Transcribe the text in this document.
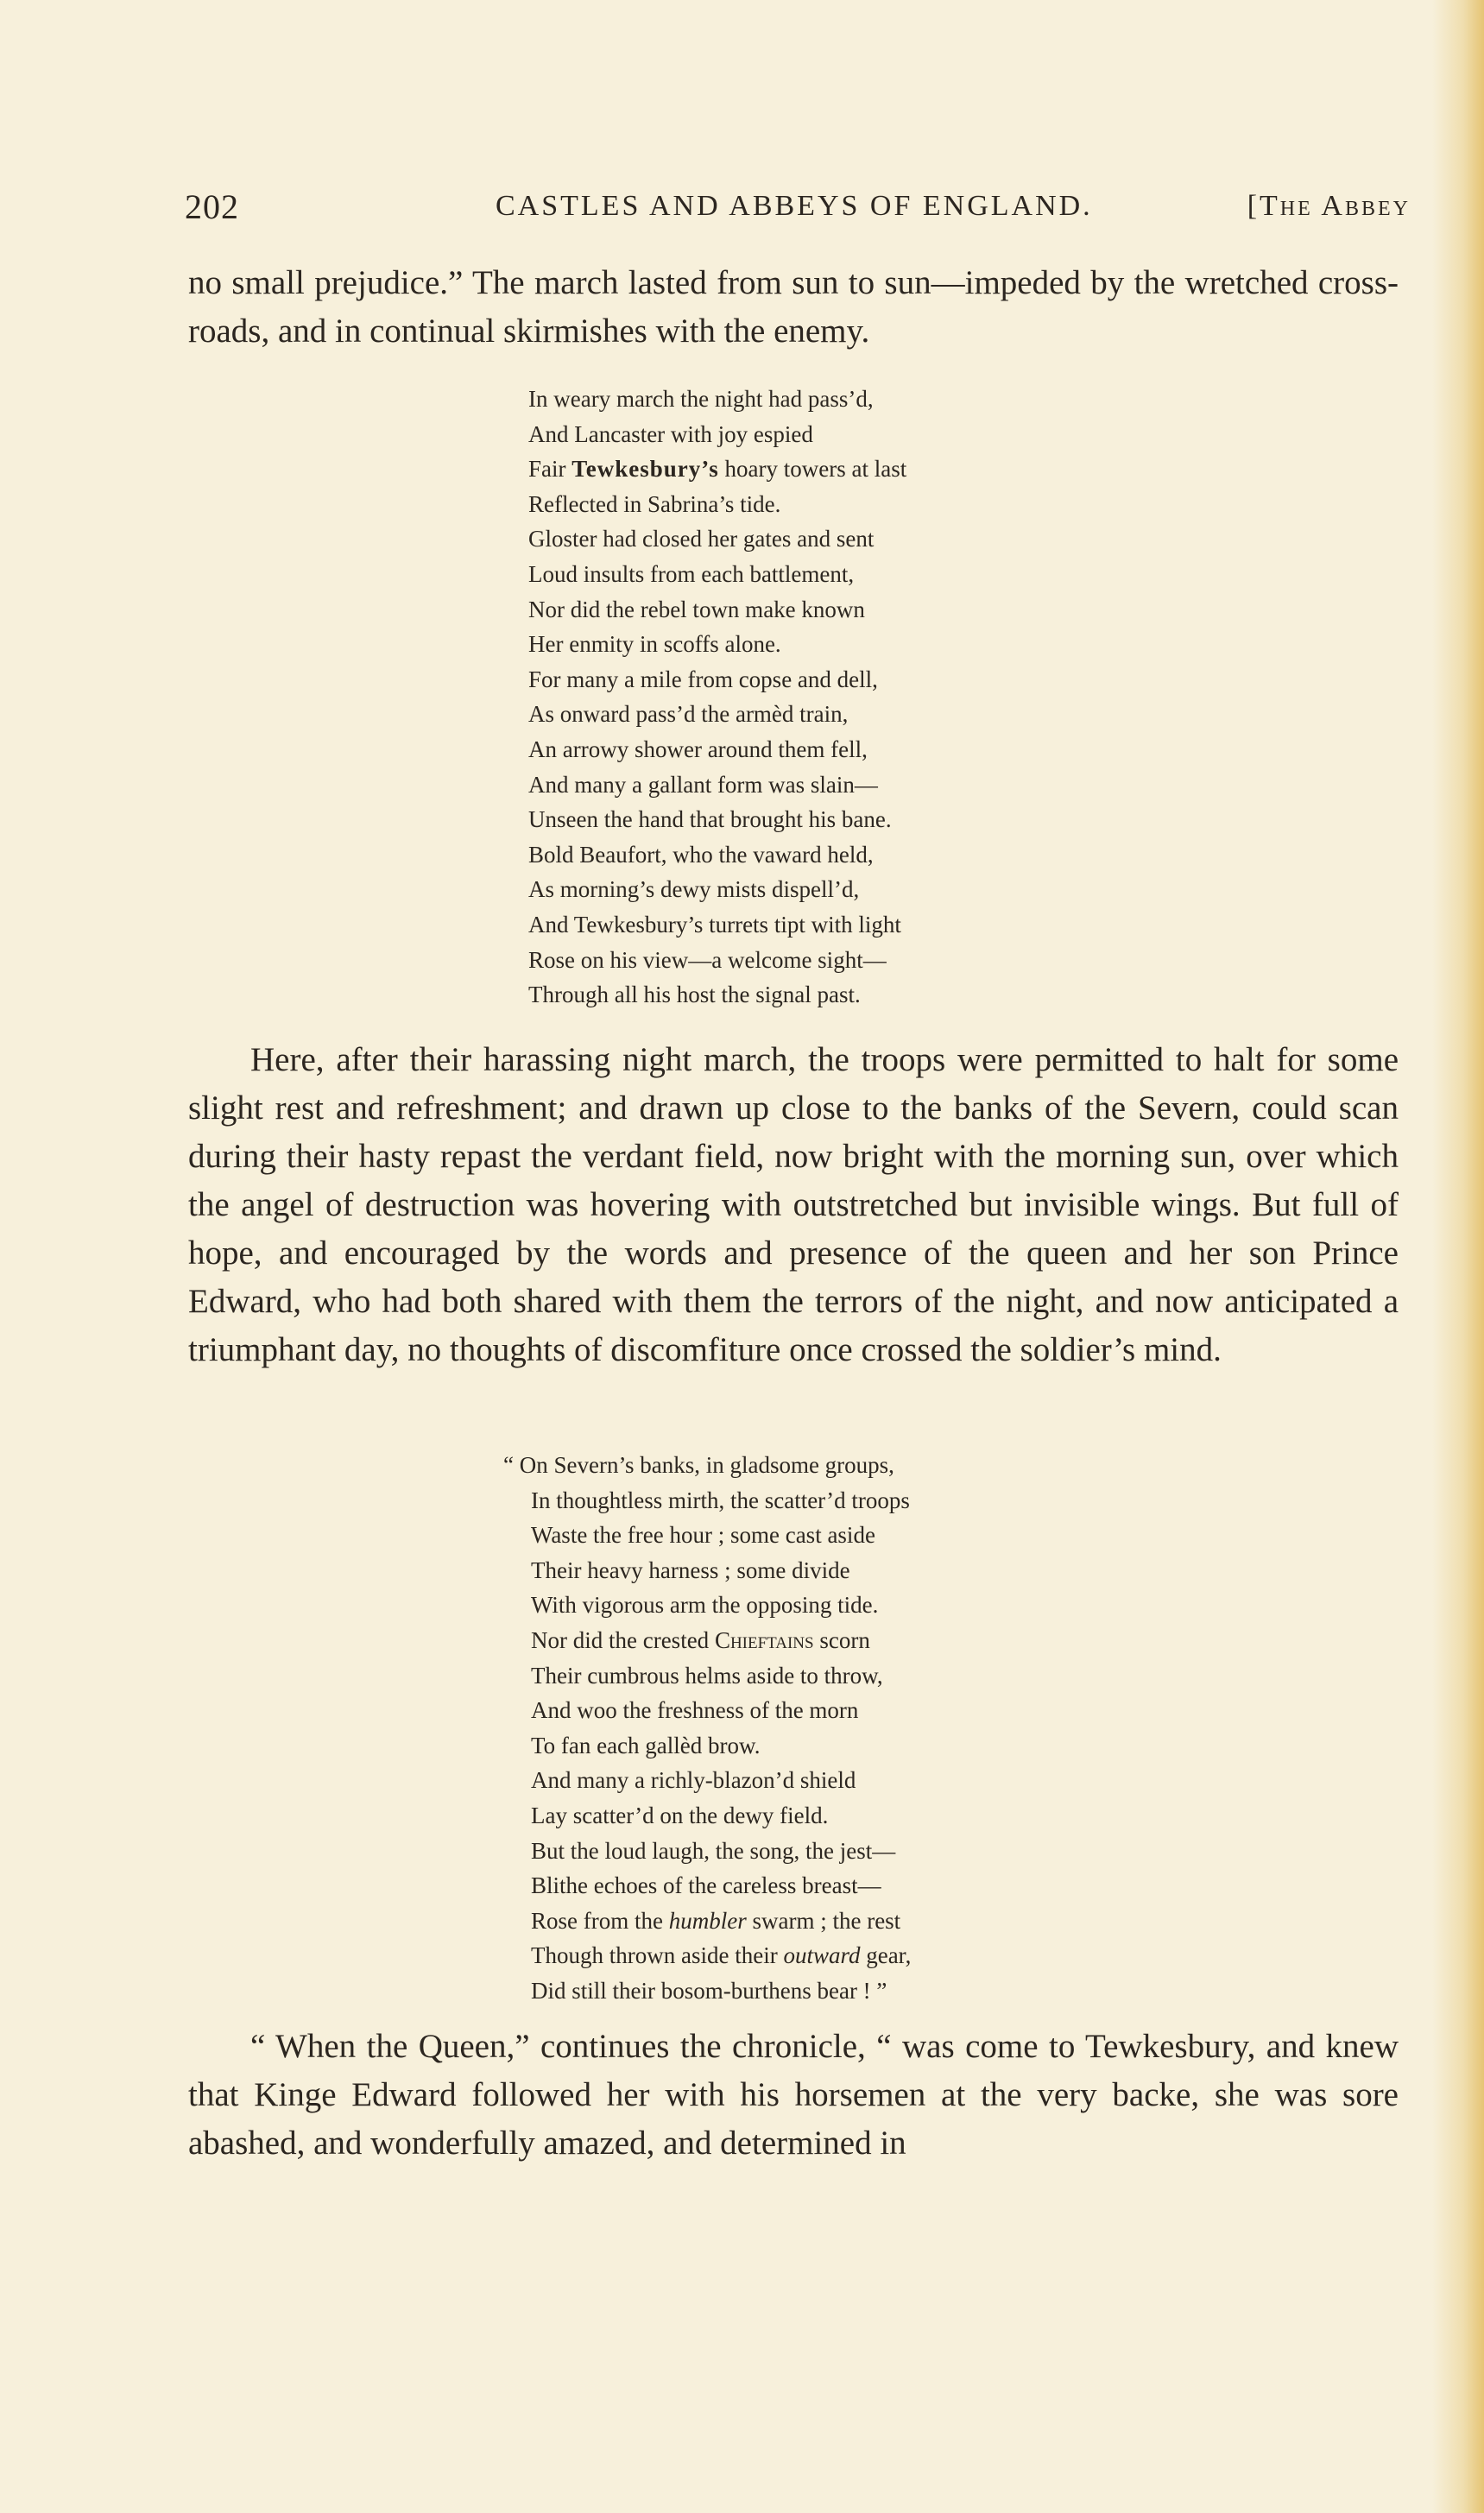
202	CASTLES AND ABBEYS OF ENGLAND.	[The Abbey

no small prejudice.” The march lasted from sun to sun—impeded by the wretched cross-roads, and in continual skirmishes with the enemy.

In weary march the night had pass’d,
And Lancaster with joy espied
Fair Tewkesbury’s hoary towers at last
Reflected in Sabrina’s tide.
Gloster had closed her gates and sent
Loud insults from each battlement,
Nor did the rebel town make known
Her enmity in scoffs alone.
For many a mile from copse and dell,
As onward pass’d the armèd train,
An arrowy shower around them fell,
And many a gallant form was slain—
Unseen the hand that brought his bane.
Bold Beaufort, who the vaward held,
As morning’s dewy mists dispell’d,
And Tewkesbury’s turrets tipt with light
Rose on his view—a welcome sight—
Through all his host the signal past.

Here, after their harassing night march, the troops were permitted to halt for some slight rest and refreshment; and drawn up close to the banks of the Severn, could scan during their hasty repast the verdant field, now bright with the morning sun, over which the angel of destruction was hovering with outstretched but invisible wings. But full of hope, and encouraged by the words and presence of the queen and her son Prince Edward, who had both shared with them the terrors of the night, and now anticipated a triumphant day, no thoughts of discomfiture once crossed the soldier’s mind.

“ On Severn’s banks, in gladsome groups,
In thoughtless mirth, the scatter’d troops
Waste the free hour ; some cast aside
Their heavy harness ; some divide
With vigorous arm the opposing tide.
Nor did the crested Chieftains scorn
Their cumbrous helms aside to throw,
And woo the freshness of the morn
To fan each gallèd brow.
And many a richly-blazon’d shield
Lay scatter’d on the dewy field.
But the loud laugh, the song, the jest—
Blithe echoes of the careless breast—
Rose from the humbler swarm ; the rest
Though thrown aside their outward gear,
Did still their bosom-burthens bear ! ”

“ When the Queen,” continues the chronicle, “ was come to Tewkesbury, and knew that Kinge Edward followed her with his horsemen at the very backe, she was sore abashed, and wonderfully amazed, and determined in
